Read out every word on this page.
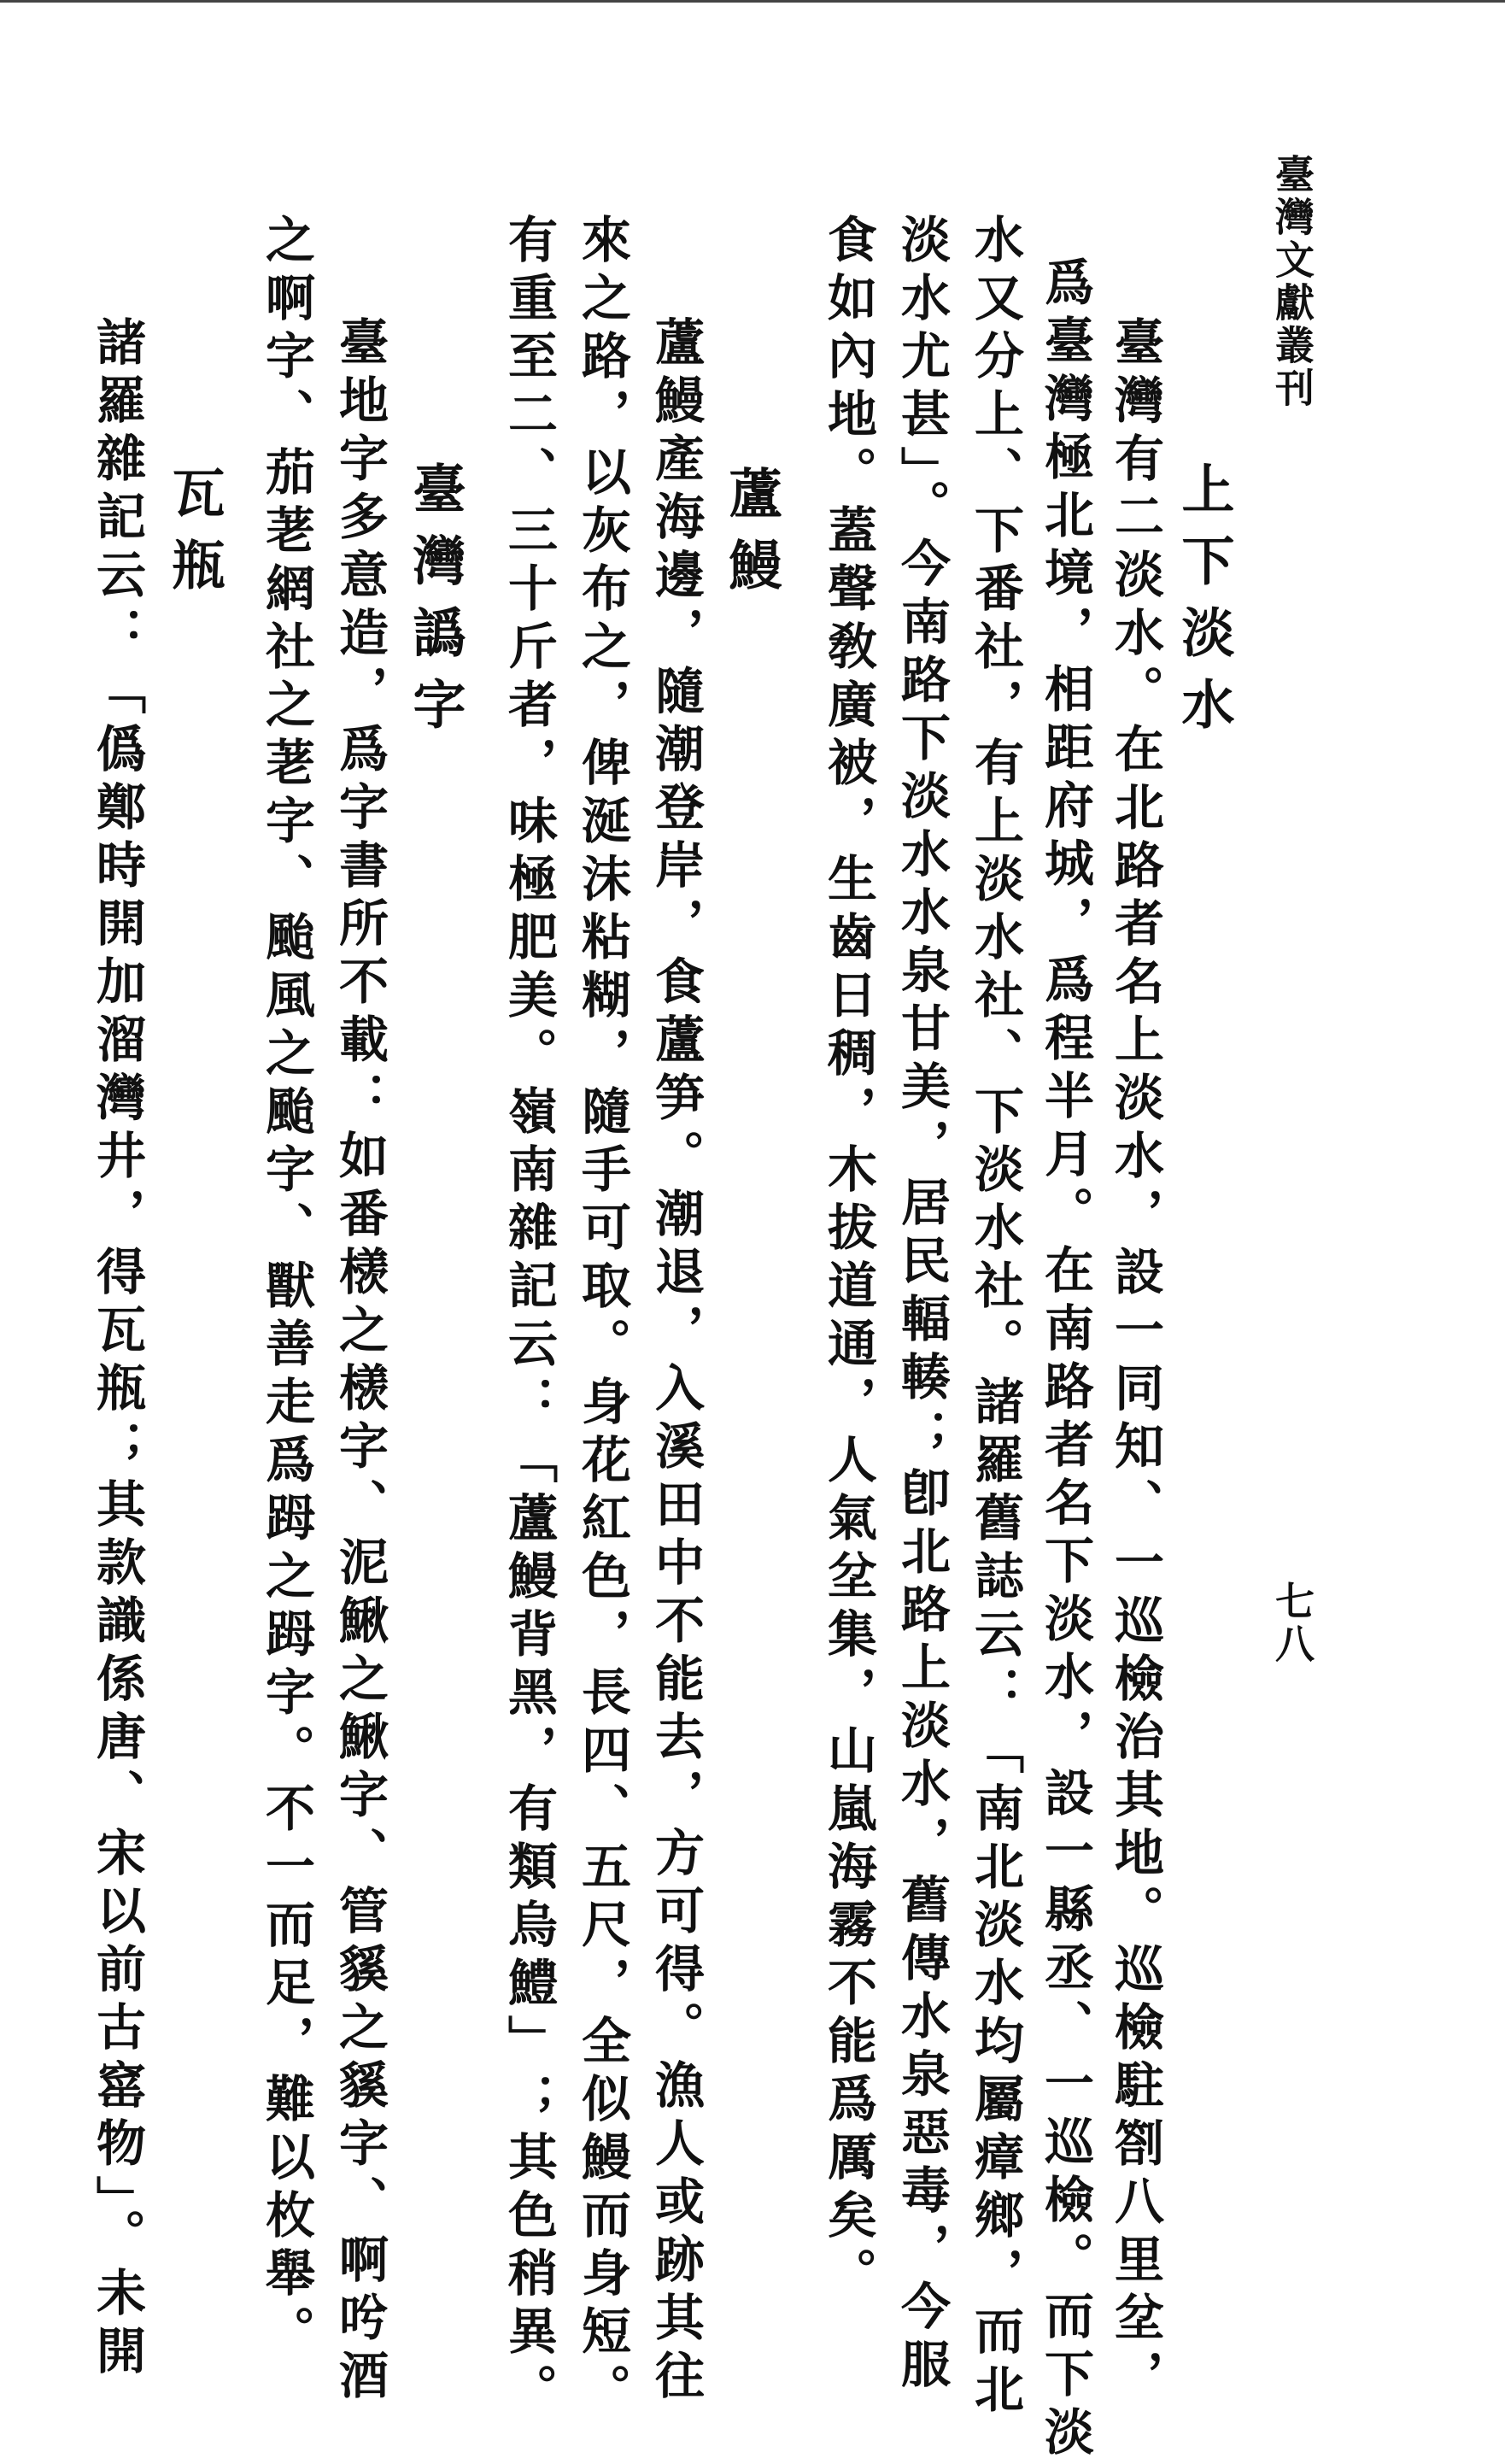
臺灣文獻叢刊
七八
上下淡水
臺灣有二淡水。在北路者名上淡水，設一同知、一巡檢治其地。巡檢駐劄八里坌，
爲臺灣極北境，相距府城，爲程半月。在南路者名下淡水，設一縣丞、一巡檢。而下淡
水又分上、下番社，有上淡水社、下淡水社。諸羅舊誌云：「南北淡水均屬瘴鄉，而北
淡水尤甚」。今南路下淡水水泉甘美，居民輻輳；卽北路上淡水，舊傳水泉惡毒，今服
食如內地。蓋聲敎廣被，生齒日稠，木拔道通，人氣坌集，山嵐海霧不能爲厲矣。
蘆鰻
蘆鰻產海邊，隨潮登岸，食蘆笋。潮退，入溪田中不能去，方可得。漁人或跡其往
來之路，以灰布之，俾涎沫粘糊，隨手可取。身花紅色，長四、五尺，全似鰻而身短。
有重至二、三十斤者，味極肥美。嶺南雜記云：「蘆鰻背黑，有類烏鱧」；其色稍異。
臺灣譌字
臺地字多意造，爲字書所不載：如番檨之檨字、泥鰍之鰍字、管貕之貕字、啊𠯋酒
之啊字、茄荖網社之荖字、颱風之颱字、獸善走爲𧿹之𧿹字。不一而足，難以枚舉。
瓦瓶
諸羅雜記云：「僞鄭時開加溜灣井，得瓦瓶；其款識係唐、宋以前古窰物」。未開
